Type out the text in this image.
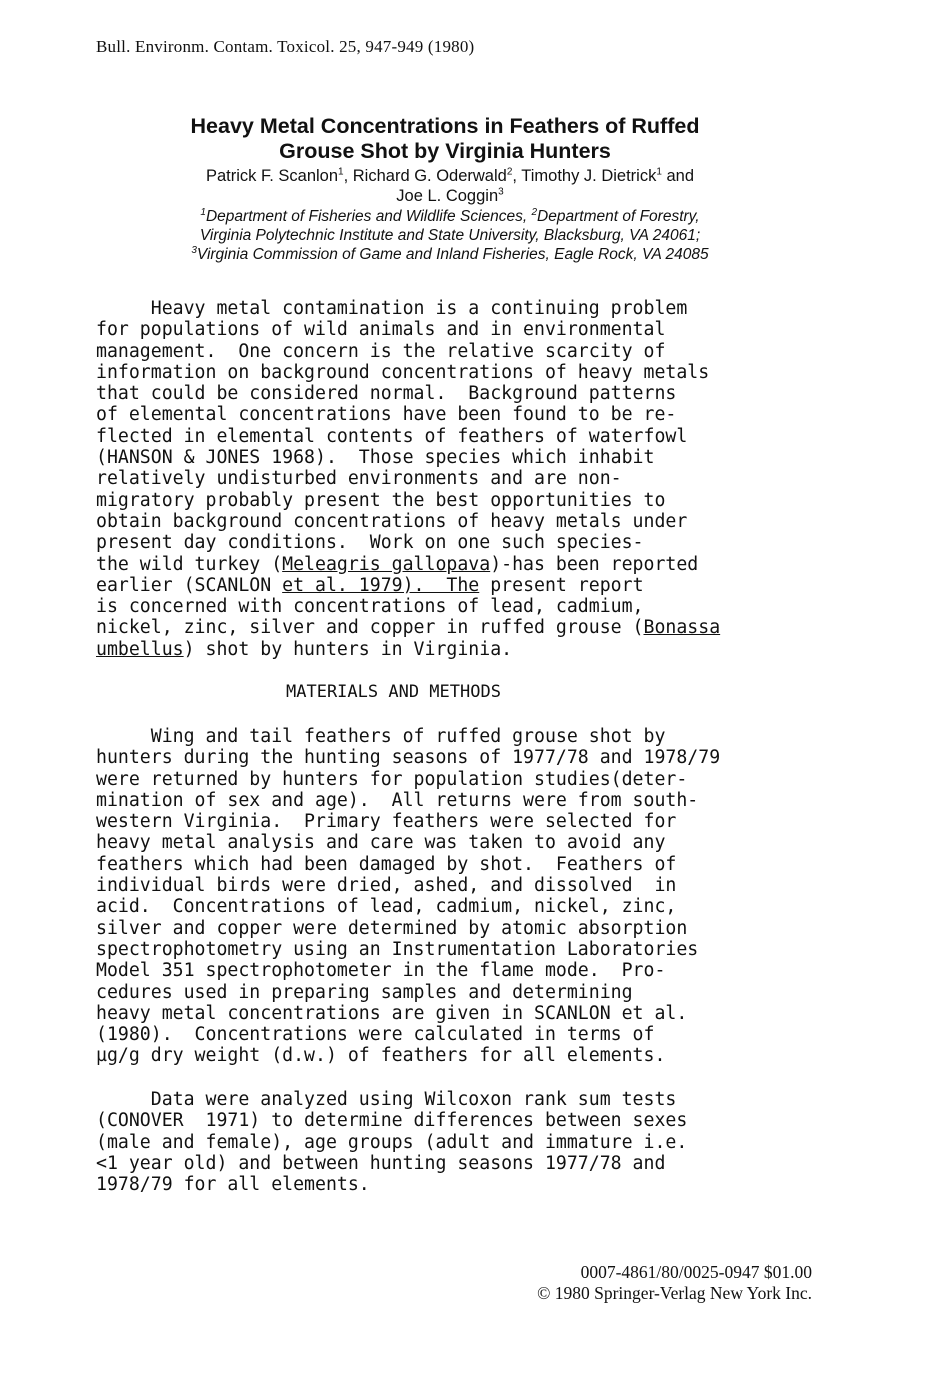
Bull. Environm. Contam. Toxicol. 25, 947-949 (1980)
Heavy Metal Concentrations in Feathers of Ruffed
Grouse Shot by Virginia Hunters
Patrick F. Scanlon$^1$, Richard G. Oderwald$^2$, Timothy J. Dietrick$^1$ and
Joe L. Coggin$^3$
$^1$Department of Fisheries and Wildlife Sciences, $^2$Department of Forestry,
Virginia Polytechnic Institute and State University, Blacksburg, VA 24061;
$^3$Virginia Commission of Game and Inland Fisheries, Eagle Rock, VA 24085
Heavy metal contamination is a continuing problem
for populations of wild animals and in environmental
management.  One concern is the relative scarcity of
information on background concentrations of heavy metals
that could be considered normal.  Background patterns
of elemental concentrations have been found to be re-
flected in elemental contents of feathers of waterfowl
(HANSON & JONES 1968).  Those species which inhabit
relatively undisturbed environments and are non-
migratory probably present the best opportunities to
obtain background concentrations of heavy metals under
present day conditions.  Work on one such species-
the wild turkey (Meleagris gallopava)-has been reported
earlier (SCANLON et al. 1979).  The present report
is concerned with concentrations of lead, cadmium,
nickel, zinc, silver and copper in ruffed grouse (Bonassa
umbellus) shot by hunters in Virginia.
MATERIALS AND METHODS
Wing and tail feathers of ruffed grouse shot by
hunters during the hunting seasons of 1977/78 and 1978/79
were returned by hunters for population studies(deter-
mination of sex and age).  All returns were from south-
western Virginia.  Primary feathers were selected for
heavy metal analysis and care was taken to avoid any
feathers which had been damaged by shot.  Feathers of
individual birds were dried, ashed, and dissolved  in
acid.  Concentrations of lead, cadmium, nickel, zinc,
silver and copper were determined by atomic absorption
spectrophotometry using an Instrumentation Laboratories
Model 351 spectrophotometer in the flame mode.  Pro-
cedures used in preparing samples and determining
heavy metal concentrations are given in SCANLON et al.
(1980).  Concentrations were calculated in terms of
µg/g dry weight (d.w.) of feathers for all elements.
Data were analyzed using Wilcoxon rank sum tests
(CONOVER  1971) to determine differences between sexes
(male and female), age groups (adult and immature i.e.
<1 year old) and between hunting seasons 1977/78 and
1978/79 for all elements.
0007-4861/80/0025-0947 $01.00
© 1980 Springer-Verlag New York Inc.
